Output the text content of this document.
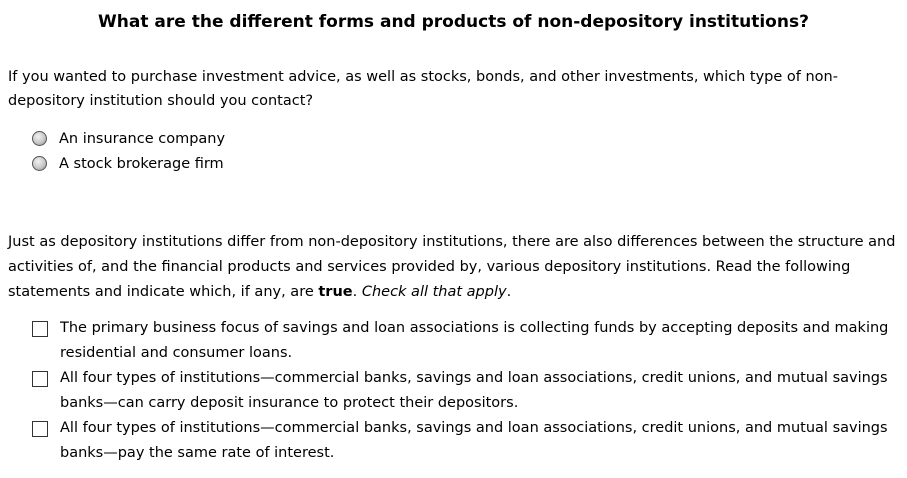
What are the different forms and products of non-depository institutions?
If you wanted to purchase investment advice, as well as stocks, bonds, and other investments, which type of non-depository institution should you contact?
An insurance company
A stock brokerage firm
Just as depository institutions differ from non-depository institutions, there are also differences between the structure and activities of, and the financial products and services provided by, various depository institutions. Read the following statements and indicate which, if any, are true. Check all that apply.
The primary business focus of savings and loan associations is collecting funds by accepting deposits and making residential and consumer loans.
All four types of institutions—commercial banks, savings and loan associations, credit unions, and mutual savings banks—can carry deposit insurance to protect their depositors.
All four types of institutions—commercial banks, savings and loan associations, credit unions, and mutual savings banks—pay the same rate of interest.
